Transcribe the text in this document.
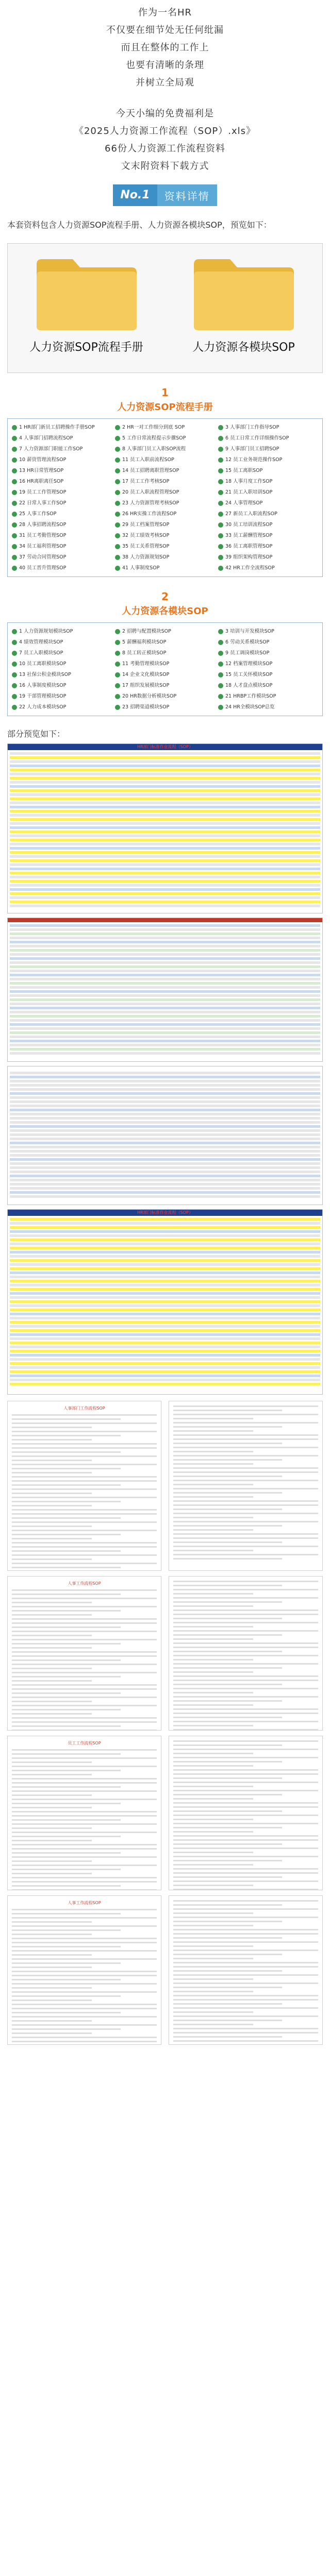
作为一名HR

不仅要在细节处无任何纰漏

而且在整体的工作上

也要有清晰的条理

并树立全局观

今天小编的免费福利是

《2025人力资源工作流程（SOP）.xls》

66份人力资源工作流程资料

文末附资料下载方式

No.1	资料详情

本套资料包含人力资源SOP流程手册、人力资源各模块SOP，预览如下：

人力资源SOP流程手册	人力资源各模块SOP
1
人力资源SOP流程手册
1 HR部门新员工招聘操作手册SOP	2 HR一对工作细分到底 SOP	3 人事部门工作指导SOP
4 人事部门招聘流程SOP	5 工作日常流程提示步骤SOP	6 员工日常工作详细操作SOP
7 人力资源部门职能工作SOP	8 人事部门员工入职SOP流程	9 人事部门员工招聘SOP
10 薪资管理流程SOP	11 员工入职前流程SOP	12 员工业务规范操作SOP
13 HR日常管理SOP	14 员工招聘离职管理SOP	15 员工离职SOP
16 HR离职离任SOP	17 员工工作考核SOP	18 人事月度工作SOP
19 员工工作管理SOP	20 员工入职流程管理SOP	21 员工入职培训SOP
22 日常人事工作SOP	23 人力资源管理考核SOP	24 人事管理SOP
25 人事工作SOP	26 HR实操工作流程SOP	27 新员工入职流程SOP
28 人事招聘流程SOP	29 员工档案管理SOP	30 员工培训流程SOP
31 员工考勤管理SOP	32 员工绩效考核SOP	33 员工薪酬管理SOP
34 员工福利管理SOP	35 员工关系管理SOP	36 员工离职管理SOP
37 劳动合同管理SOP	38 人力资源规划SOP	39 组织架构管理SOP
40 员工晋升管理SOP	41 人事制度SOP	42 HR工作全流程SOP
2
人力资源各模块SOP
1 人力资源规划模块SOP	2 招聘与配置模块SOP	3 培训与开发模块SOP
4 绩效管理模块SOP	5 薪酬福利模块SOP	6 劳动关系模块SOP
7 员工入职模块SOP	8 员工转正模块SOP	9 员工调岗模块SOP
10 员工离职模块SOP	11 考勤管理模块SOP	12 档案管理模块SOP
13 社保公积金模块SOP	14 企业文化模块SOP	15 员工关怀模块SOP
16 人事制度模块SOP	17 组织发展模块SOP	18 人才盘点模块SOP
19 干部管理模块SOP	20 HR数据分析模块SOP	21 HRBP工作模块SOP
22 人力成本模块SOP	23 招聘渠道模块SOP	24 HR全模块SOP总览
部分预览如下：
HR部门标准作业流程（SOP）
HR部门标准作业流程（SOP）
人事部门工作流程SOP
人事工作流程SOP
员工工作流程SOP
人事工作流程SOP
